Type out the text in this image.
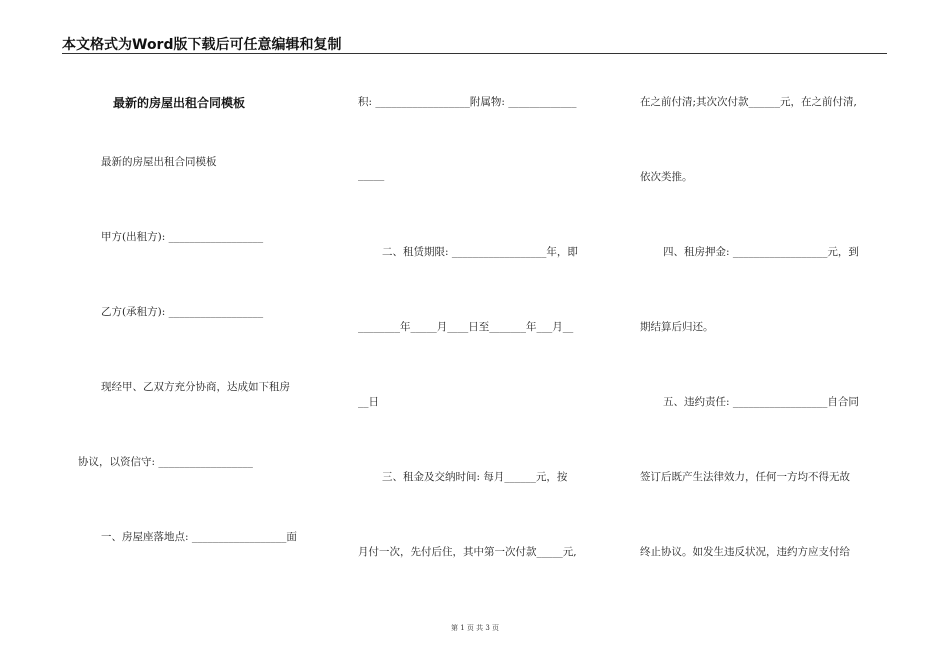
本文格式为Word版下载后可任意编辑和复制
最新的房屋出租合同模板
最新的房屋出租合同模板
甲方(出租方): __________________
乙方(承租方): __________________
现经甲、乙双方充分协商，达成如下租房
协议，以资信守: __________________
一、房屋座落地点: __________________面
积: __________________附属物: _____________
_____
二、租赁期限: __________________年，即
________年_____月____日至_______年___月__
__日
三、租金及交纳时间: 每月______元，按
月付一次，先付后住，其中第一次付款_____元,
在之前付清;其次次付款______元，在之前付清,
依次类推。
四、租房押金: __________________元，到
期结算后归还。
五、违约责任: __________________自合同
签订后既产生法律效力，任何一方均不得无故
终止协议。如发生违反状况，违约方应支付给
第 1 页 共 3 页
